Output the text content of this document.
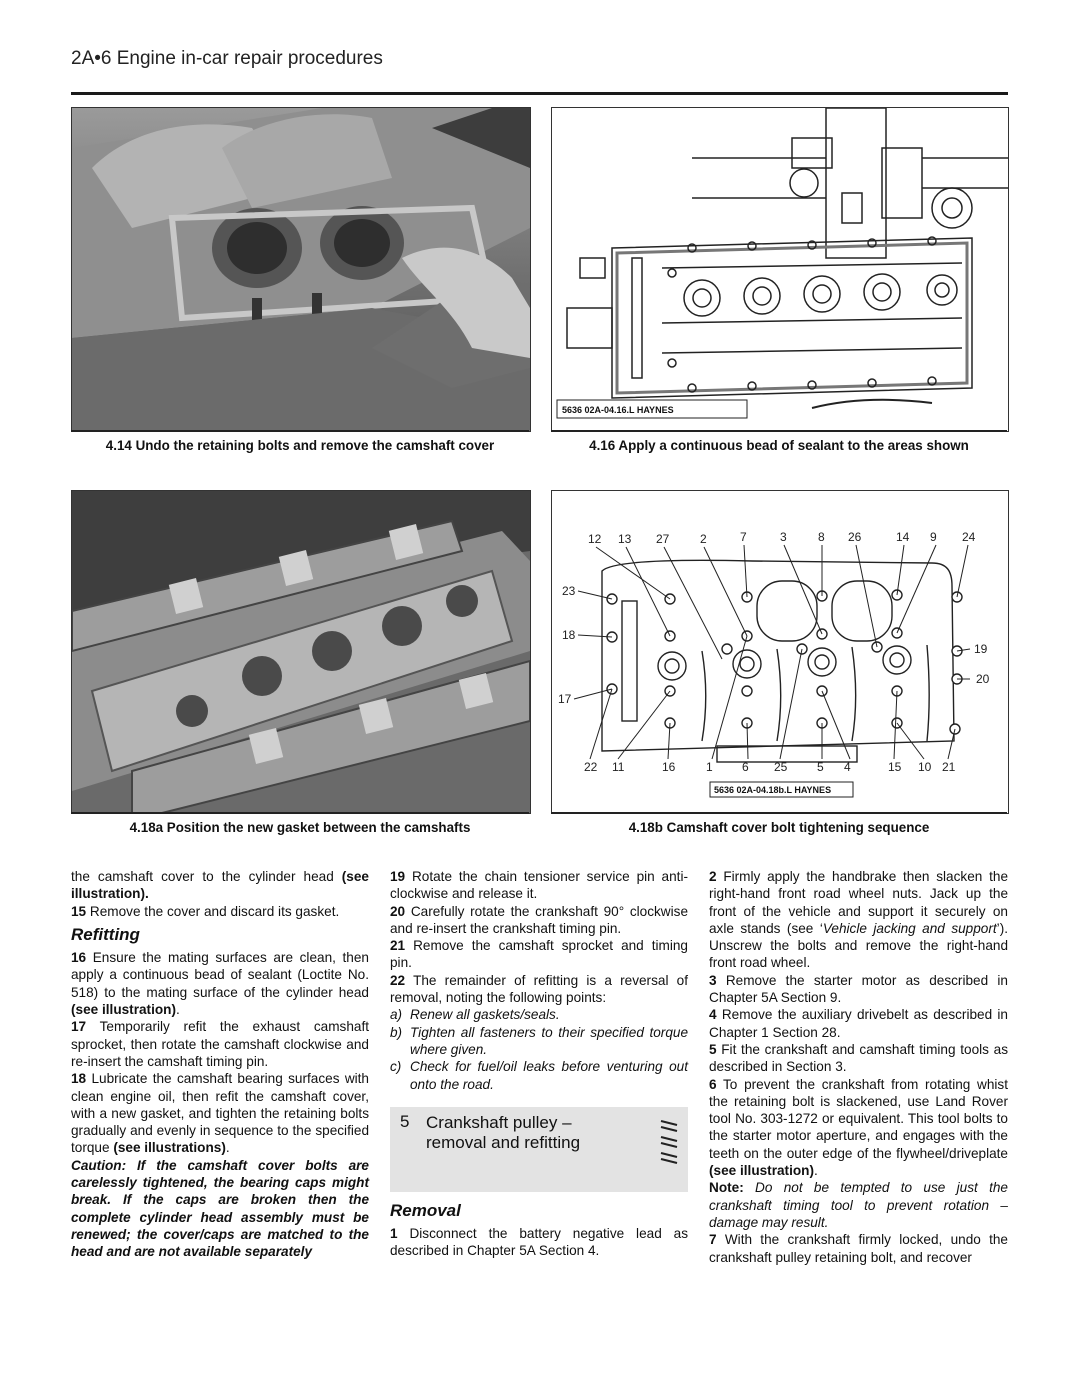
2A•6 Engine in-car repair procedures
4.14 Undo the retaining bolts and remove the camshaft cover
5636 02A-04.16.L HAYNES
4.16 Apply a continuous bead of sealant to the areas shown
4.18a Position the new gasket between the camshafts
12 13 27	2	7	3	8 26	14 9 24
22 11	16	1 6 25 5 4	15 10 21
23
18
17
19
20
5636 02A-04.18b.L HAYNES
4.18b Camshaft cover bolt tightening sequence

the camshaft cover to the cylinder head (see illustration).

15 Remove the cover and discard its gasket.

Refitting

16 Ensure the mating surfaces are clean, then apply a continuous bead of sealant (Loctite No. 518) to the mating surface of the cylinder head (see illustration).

17 Temporarily refit the exhaust camshaft sprocket, then rotate the camshaft clockwise and re-insert the camshaft timing pin.

18 Lubricate the camshaft bearing surfaces with clean engine oil, then refit the camshaft cover, with a new gasket, and tighten the retaining bolts gradually and evenly in sequence to the specified torque (see illustrations).

Caution: If the camshaft cover bolts are carelessly tightened, the bearing caps might break. If the caps are broken then the complete cylinder head assembly must be renewed; the cover/caps are matched to the head and are not available separately

19 Rotate the chain tensioner service pin anti-clockwise and release it.

20 Carefully rotate the crankshaft 90° clockwise and re-insert the crankshaft timing pin.

21 Remove the camshaft sprocket and timing pin.

22 The remainder of refitting is a reversal of removal, noting the following points:

a) Renew all gaskets/seals.

b) Tighten all fasteners to their specified torque where given.

c) Check for fuel/oil leaks before venturing out onto the road.

5 Crankshaft pulley –
removal and refitting
Removal

1 Disconnect the battery negative lead as described in Chapter 5A Section 4.

2 Firmly apply the handbrake then slacken the right-hand front road wheel nuts. Jack up the front of the vehicle and support it securely on axle stands (see ‘Vehicle jacking and support’). Unscrew the bolts and remove the right-hand front road wheel.

3 Remove the starter motor as described in Chapter 5A Section 9.

4 Remove the auxiliary drivebelt as described in Chapter 1 Section 28.

5 Fit the crankshaft and camshaft timing tools as described in Section 3.

6 To prevent the crankshaft from rotating whist the retaining bolt is slackened, use Land Rover tool No. 303-1272 or equivalent. This tool bolts to the starter motor aperture, and engages with the teeth on the outer edge of the flywheel/driveplate (see illustration).

Note: Do not be tempted to use just the crankshaft timing tool to prevent rotation – damage may result.

7 With the crankshaft firmly locked, undo the crankshaft pulley retaining bolt, and recover
